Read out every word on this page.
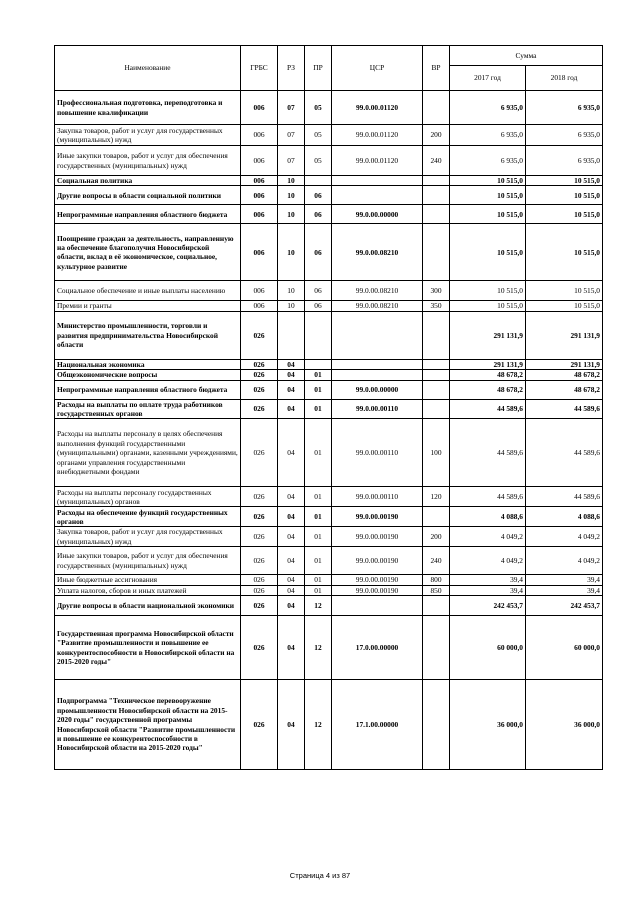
Наименование	ГРБС	РЗ	ПР	ЦСР	ВР	Сумма	
						2017 год	2018 год
Профессиональная подготовка, переподготовка и повышение квалификации	006	07	05	99.0.00.01120		6 935,0	6 935,0
Закупка товаров, работ и услуг для государственных (муниципальных) нужд	006	07	05	99.0.00.01120	200	6 935,0	6 935,0
Иные закупки товаров, работ и услуг для обеспечения государственных (муниципальных) нужд	006	07	05	99.0.00.01120	240	6 935,0	6 935,0
Социальная политика	006	10				10 515,0	10 515,0
Другие вопросы в области социальной политики	006	10	06			10 515,0	10 515,0
Непрограммные направления областного бюджета	006	10	06	99.0.00.00000		10 515,0	10 515,0
Поощрение граждан за деятельность, направленную на обеспечение благополучия Новосибирской области, вклад в её экономическое, социальное, культурное развитие	006	10	06	99.0.00.08210		10 515,0	10 515,0
Социальное обеспечение и иные выплаты населению	006	10	06	99.0.00.08210	300	10 515,0	10 515,0
Премии и гранты	006	10	06	99.0.00.08210	350	10 515,0	10 515,0
Министерство промышленности, торговли и развития предпринимательства Новосибирской области	026					291 131,9	291 131,9
Национальная экономика	026	04				291 131,9	291 131,9
Общеэкономические вопросы	026	04	01			48 678,2	48 678,2
Непрограммные направления областного бюджета	026	04	01	99.0.00.00000		48 678,2	48 678,2
Расходы на выплаты по оплате труда работников государственных органов	026	04	01	99.0.00.00110		44 589,6	44 589,6
Расходы на выплаты персоналу в целях обеспечения выполнения функций государственными (муниципальными) органами, казенными учреждениями, органами управления государственными внебюджетными фондами	026	04	01	99.0.00.00110	100	44 589,6	44 589,6
Расходы на выплаты персоналу государственных (муниципальных) органов	026	04	01	99.0.00.00110	120	44 589,6	44 589,6
Расходы на обеспечение функций государственных органов	026	04	01	99.0.00.00190		4 088,6	4 088,6
Закупка товаров, работ и услуг для государственных (муниципальных) нужд	026	04	01	99.0.00.00190	200	4 049,2	4 049,2
Иные закупки товаров, работ и услуг для обеспечения государственных (муниципальных) нужд	026	04	01	99.0.00.00190	240	4 049,2	4 049,2
Иные бюджетные ассигнования	026	04	01	99.0.00.00190	800	39,4	39,4
Уплата налогов, сборов и иных платежей	026	04	01	99.0.00.00190	850	39,4	39,4
Другие вопросы в области национальной экономики	026	04	12			242 453,7	242 453,7
Государственная программа Новосибирской области "Развитие промышленности и повышение ее конкурентоспособности в Новосибирской области на 2015-2020 годы"	026	04	12	17.0.00.00000		60 000,0	60 000,0
Подпрограмма "Техническое перевооружение промышленности Новосибирской области на 2015-2020 годы" государственной программы Новосибирской области "Развитие промышленности и повышение ее конкурентоспособности в Новосибирской области на 2015-2020 годы"	026	04	12	17.1.00.00000		36 000,0	36 000,0
Страница 4 из 87
